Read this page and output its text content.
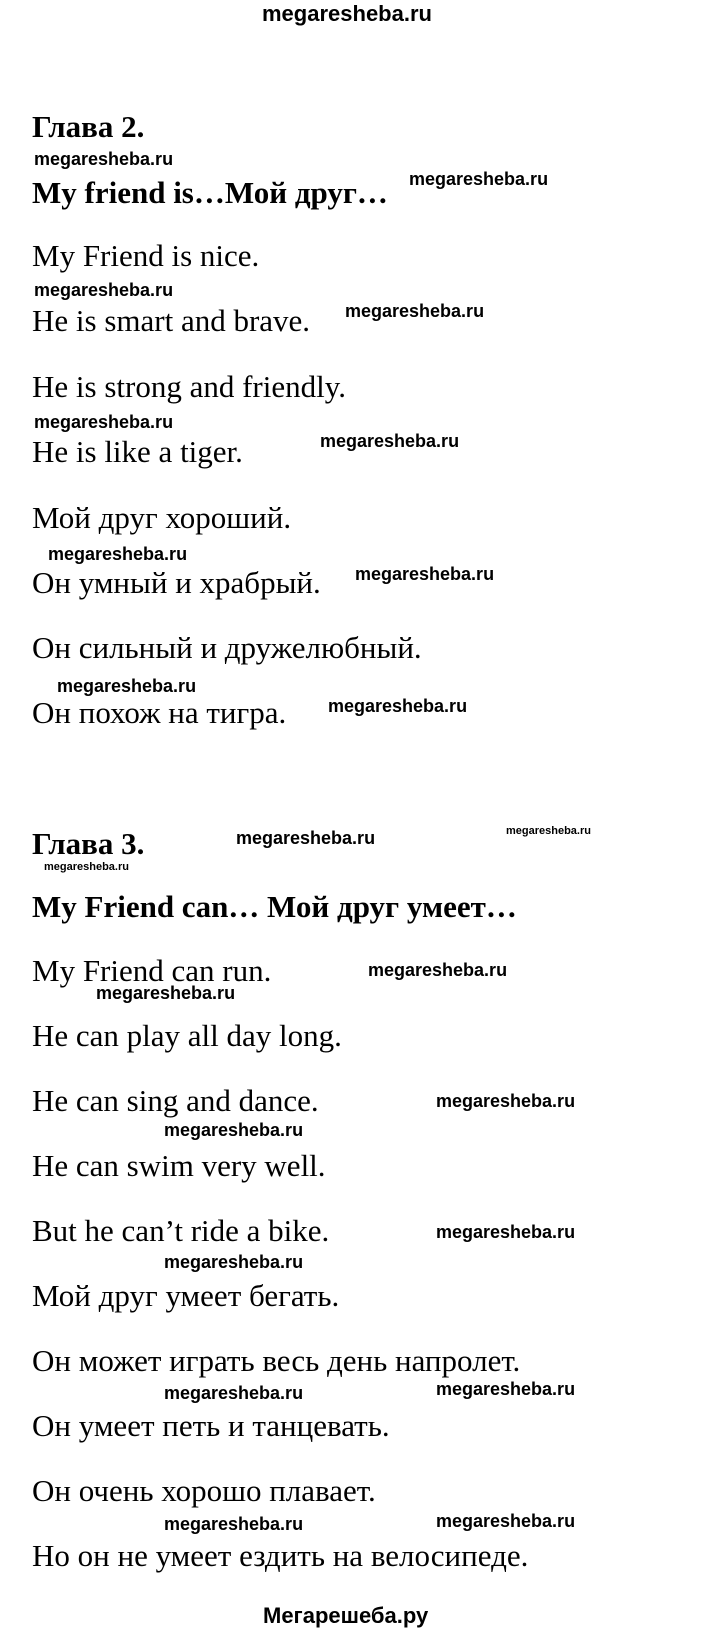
megaresheba.ru
Мегарешеба.ру
Глава 2.
My friend is…Мой друг…
My Friend is nice.
He is smart and brave.
He is strong and friendly.
He is like a tiger.
Мой друг хороший.
Он умный и храбрый.
Он сильный и дружелюбный.
Он похож на тигра.
Глава 3.
My Friend can… Мой друг умеет…
My Friend can run.
He can play all day long.
He can sing and dance.
He can swim very well.
But he can’t ride a bike.
Мой друг умеет бегать.
Он может играть весь день напролет.
Он умеет петь и танцевать.
Он очень хорошо плавает.
Но он не умеет ездить на велосипеде.
megaresheba.ru
megaresheba.ru
megaresheba.ru
megaresheba.ru
megaresheba.ru
megaresheba.ru
megaresheba.ru
megaresheba.ru
megaresheba.ru
megaresheba.ru
megaresheba.ru	megaresheba.ru
megaresheba.ru
megaresheba.ru
megaresheba.ru
megaresheba.ru
megaresheba.ru
megaresheba.ru
megaresheba.ru
megaresheba.ru	megaresheba.ru
megaresheba.ru	megaresheba.ru
